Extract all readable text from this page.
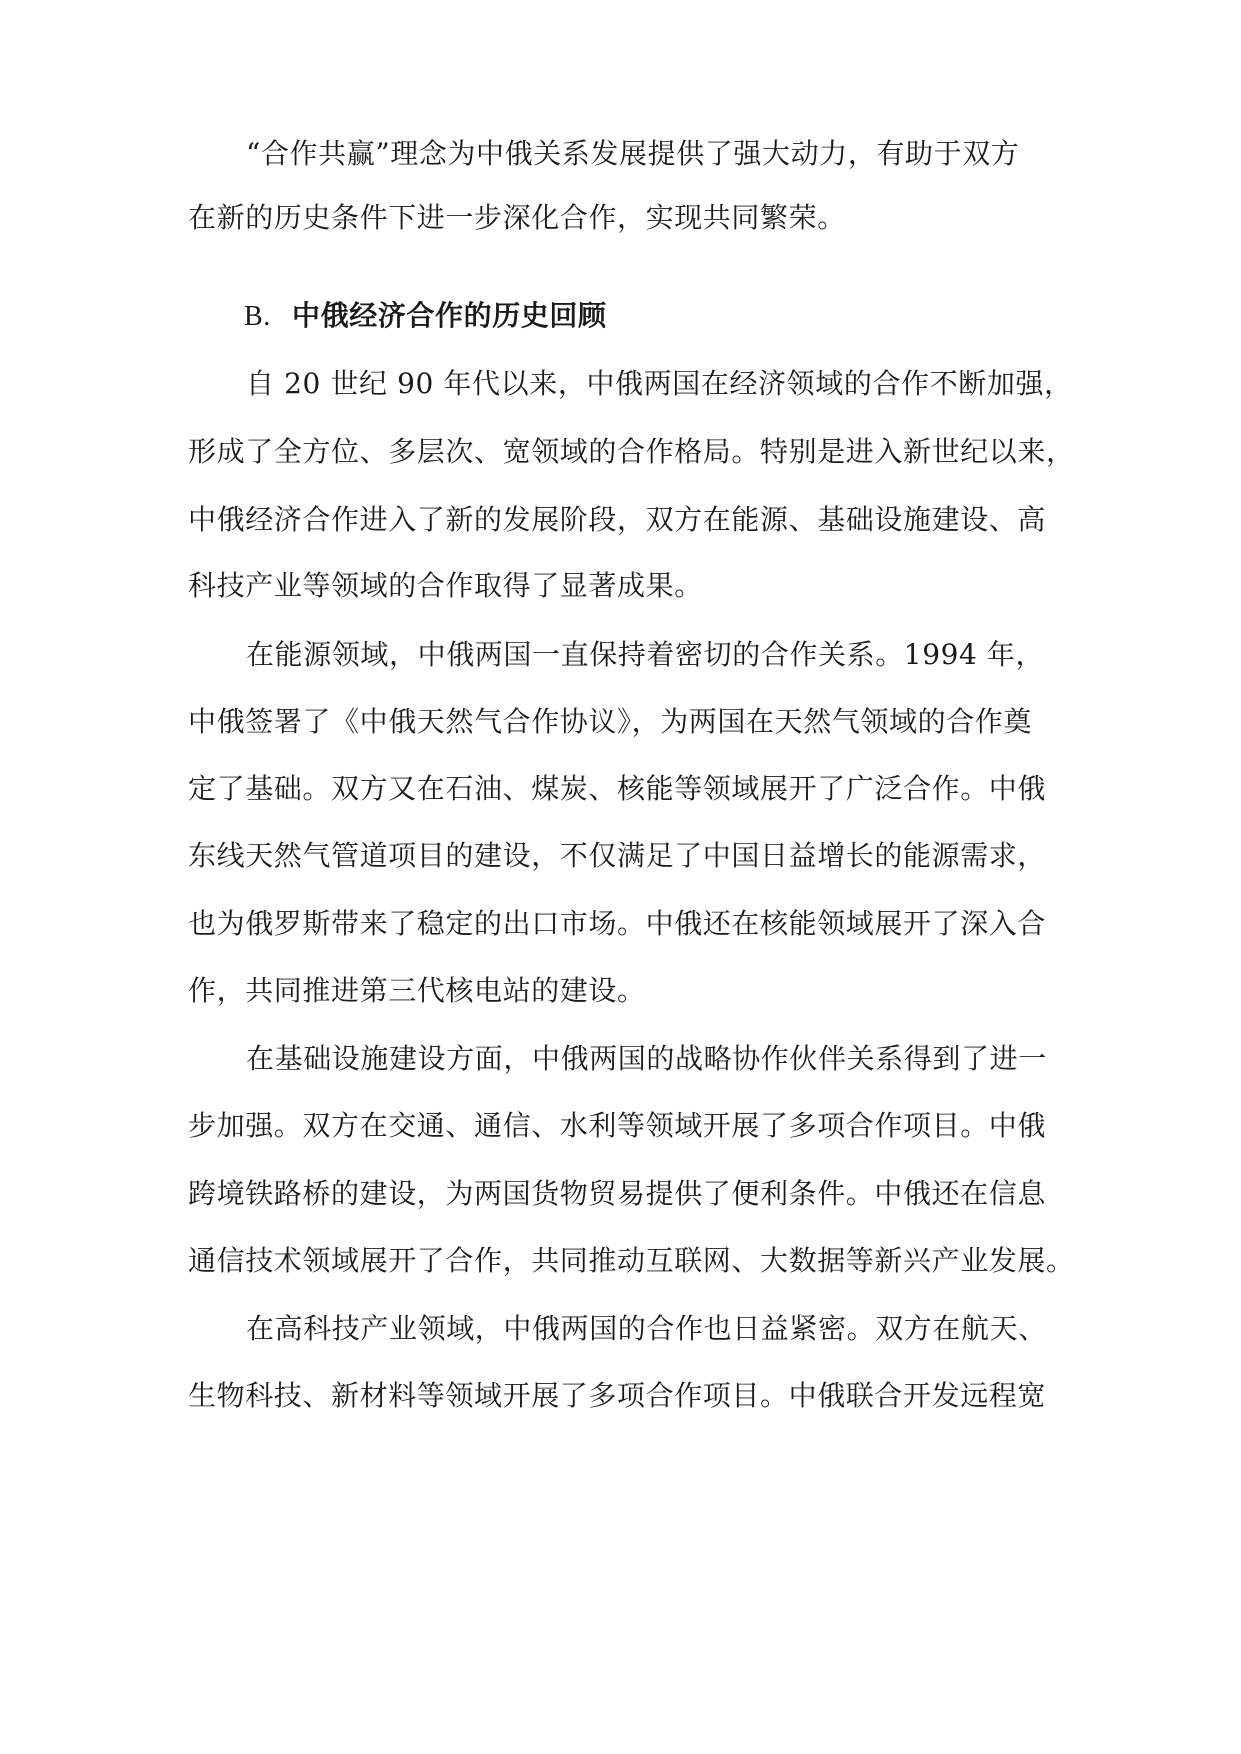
“合作共赢”理念为中俄关系发展提供了强大动力，有助于双方
在新的历史条件下进一步深化合作，实现共同繁荣。
B. 中俄经济合作的历史回顾
自 20 世纪 90 年代以来，中俄两国在经济领域的合作不断加强，
形成了全方位、多层次、宽领域的合作格局。特别是进入新世纪以来，
中俄经济合作进入了新的发展阶段，双方在能源、基础设施建设、高
科技产业等领域的合作取得了显著成果。
在能源领域，中俄两国一直保持着密切的合作关系。1994 年，
中俄签署了《中俄天然气合作协议》，为两国在天然气领域的合作奠
定了基础。双方又在石油、煤炭、核能等领域展开了广泛合作。中俄
东线天然气管道项目的建设，不仅满足了中国日益增长的能源需求，
也为俄罗斯带来了稳定的出口市场。中俄还在核能领域展开了深入合
作，共同推进第三代核电站的建设。
在基础设施建设方面，中俄两国的战略协作伙伴关系得到了进一
步加强。双方在交通、通信、水利等领域开展了多项合作项目。中俄
跨境铁路桥的建设，为两国货物贸易提供了便利条件。中俄还在信息
通信技术领域展开了合作，共同推动互联网、大数据等新兴产业发展。
在高科技产业领域，中俄两国的合作也日益紧密。双方在航天、
生物科技、新材料等领域开展了多项合作项目。中俄联合开发远程宽
